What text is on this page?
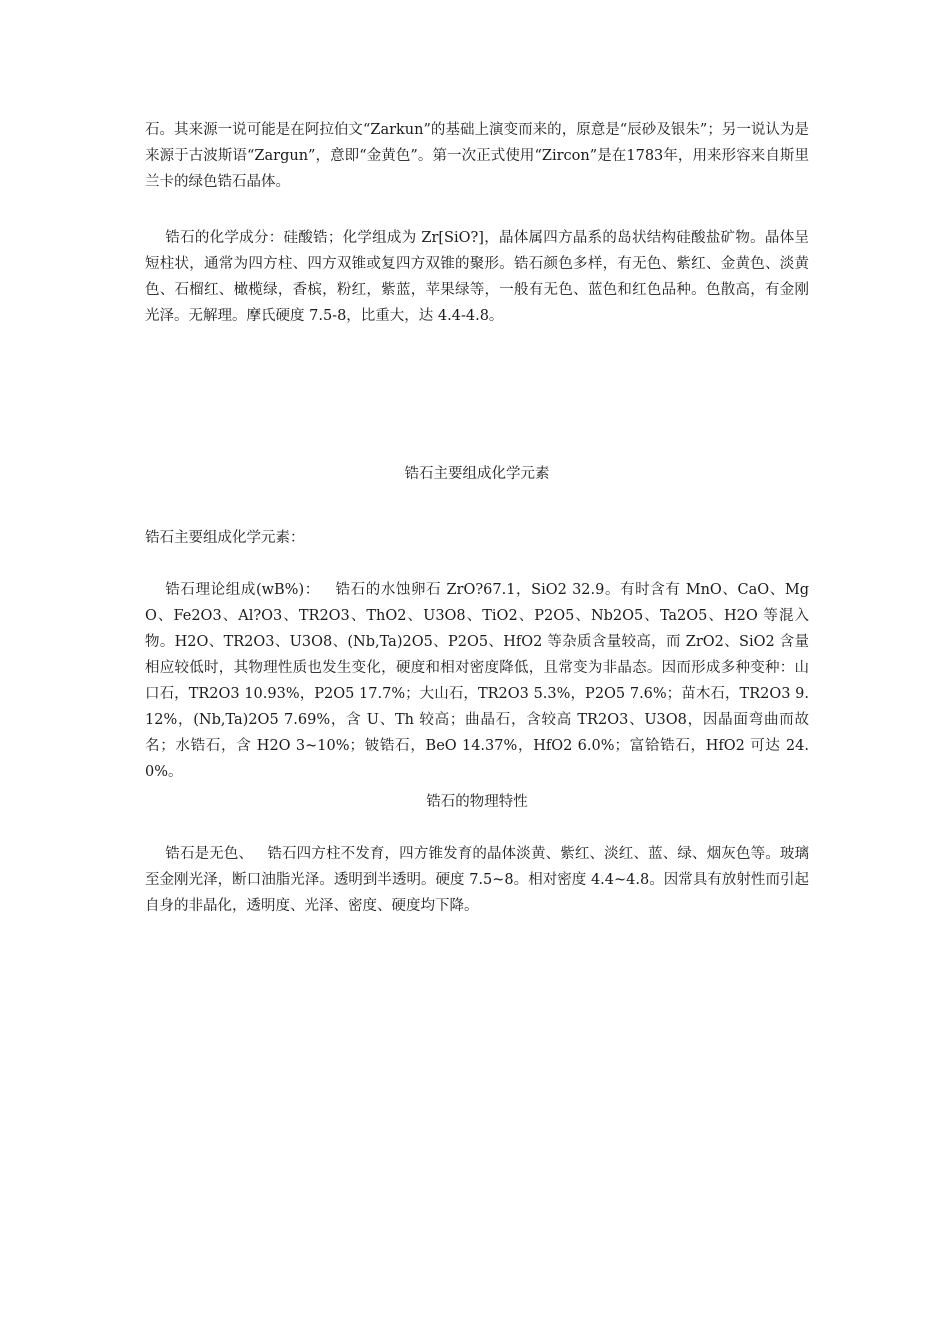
石。其来源一说可能是在阿拉伯文“Zarkun”的基础上演变而来的，原意是“辰砂及银朱”；另一说认为是来源于古波斯语“Zargun”，意即“金黄色”。第一次正式使用“Zircon”是在1783年，用来形容来自斯里兰卡的绿色锆石晶体。

锆石的化学成分：硅酸锆；化学组成为 Zr[SiO?]，晶体属四方晶系的岛状结构硅酸盐矿物。晶体呈短柱状，通常为四方柱、四方双锥或复四方双锥的聚形。锆石颜色多样，有无色、紫红、金黄色、淡黄色、石榴红、橄榄绿，香槟，粉红，紫蓝，苹果绿等，一般有无色、蓝色和红色品种。色散高，有金刚光泽。无解理。摩氏硬度 7.5-8，比重大，达 4.4-4.8。

锆石主要组成化学元素

锆石主要组成化学元素：

锆石理论组成(wB%)：   锆石的水蚀卵石 ZrO?67.1，SiO2 32.9。有时含有 MnO、CaO、MgO、Fe2O3、Al?O3、TR2O3、ThO2、U3O8、TiO2、P2O5、Nb2O5、Ta2O5、H2O 等混入物。H2O、TR2O3、U3O8、(Nb,Ta)2O5、P2O5、HfO2 等杂质含量较高，而 ZrO2、SiO2 含量相应较低时，其物理性质也发生变化，硬度和相对密度降低，且常变为非晶态。因而形成多种变种：山口石，TR2O3 10.93%，P2O5 17.7%；大山石，TR2O3 5.3%，P2O5 7.6%；苗木石，TR2O3 9.12%，(Nb,Ta)2O5 7.69%，含 U、Th 较高；曲晶石，含较高 TR2O3、U3O8，因晶面弯曲而故名；水锆石，含 H2O 3~10%；铍锆石，BeO 14.37%，HfO2 6.0%；富铪锆石，HfO2 可达 24.0%。

锆石的物理特性

锆石是无色、   锆石四方柱不发育，四方锥发育的晶体淡黄、紫红、淡红、蓝、绿、烟灰色等。玻璃至金刚光泽，断口油脂光泽。透明到半透明。硬度 7.5~8。相对密度 4.4~4.8。因常具有放射性而引起自身的非晶化，透明度、光泽、密度、硬度均下降。
